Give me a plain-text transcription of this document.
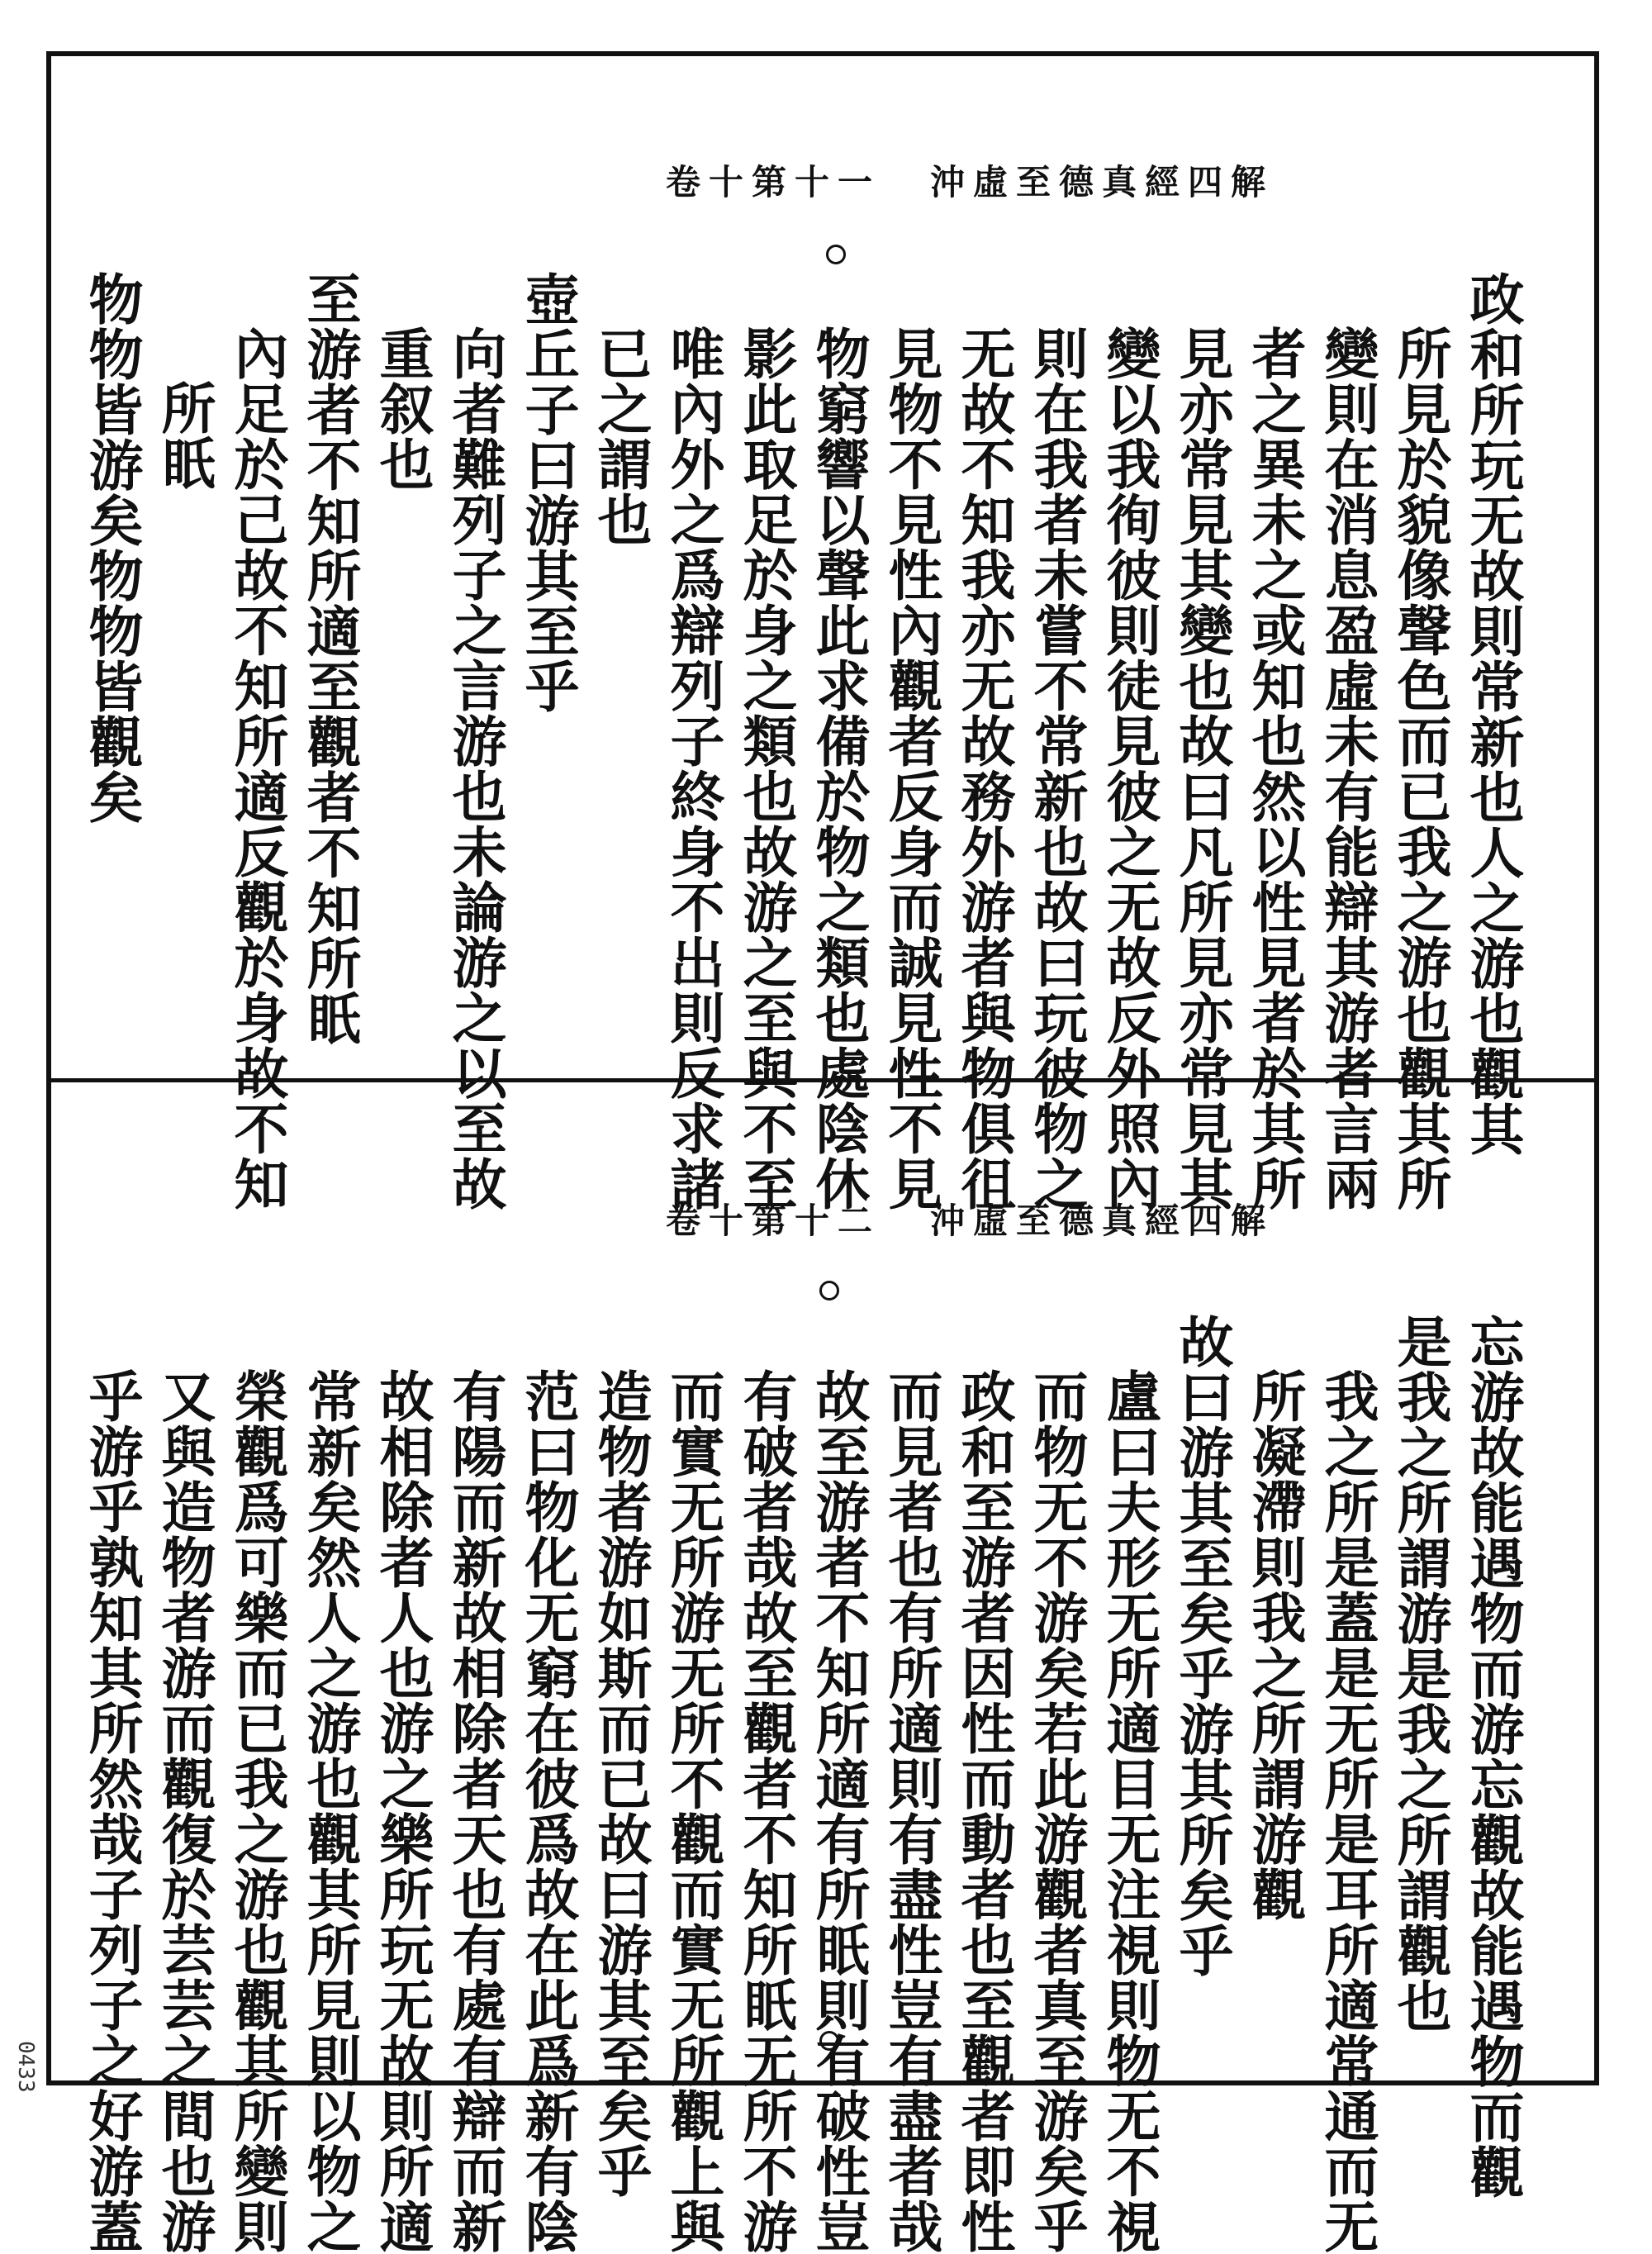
卷十第十一 沖虛至德真經四解
政和所玩无故則常新也人之游也觀其
所見於貌像聲色而已我之游也觀其所
變則在消息盈虛未有能辯其游者言兩
者之異未之或知也然以性見者於其所
見亦常見其變也故曰凡所見亦常見其
變以我徇彼則徒見彼之无故反外照內
則在我者未嘗不常新也故曰玩彼物之
无故不知我亦无故務外游者與物俱徂
見物不見性內觀者反身而誠見性不見
物窮響以聲此求備於物之類也處陰休
影此取足於身之類也故游之至與不至
唯內外之爲辯列子終身不出則反求諸
已之謂也
壺丘子曰游其至乎
向者難列子之言游也未論游之以至故
重叙也
至游者不知所適至觀者不知所眂
內足於己故不知所適反觀於身故不知
所眂
物物皆游矣物物皆觀矣
卷十第十二 沖虛至德真經四解
忘游故能遇物而游忘觀故能遇物而觀
是我之所謂游是我之所謂觀也
我之所是蓋是无所是耳所適常通而无
所凝滯則我之所謂游觀
故曰游其至矣乎游其所矣乎
盧曰夫形无所適目无注視則物无不視
而物无不游矣若此游觀者真至游矣乎
政和至游者因性而動者也至觀者即性
而見者也有所適則有盡性豈有盡者哉
故至游者不知所適有所眂則有破性豈
有破者哉故至觀者不知所眂无所不游
而實无所游无所不觀而實无所觀上與
造物者游如斯而已故曰游其至矣乎
范曰物化无窮在彼爲故在此爲新有陰
有陽而新故相除者天也有處有辯而新
故相除者人也游之樂所玩无故則所適
常新矣然人之游也觀其所見則以物之
榮觀爲可樂而已我之游也觀其所變則
又與造物者游而觀復於芸芸之間也游
乎游乎孰知其所然哉子列子之好游蓋
0433
